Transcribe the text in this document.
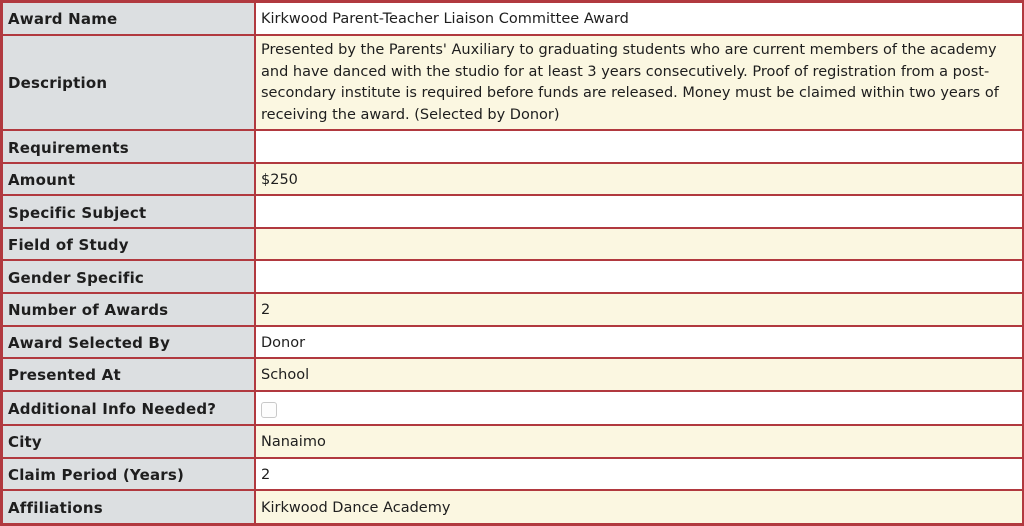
Award Name	Kirkwood Parent-Teacher Liaison Committee Award
Description	Presented by the Parents' Auxiliary to graduating students who are current members of the academy and have danced with the studio for at least 3 years consecutively. Proof of registration from a post-secondary institute is required before funds are released. Money must be claimed within two years of receiving the award. (Selected by Donor)
Requirements	
Amount	$250
Specific Subject	
Field of Study	
Gender Specific	
Number of Awards	2
Award Selected By	Donor
Presented At	School
Additional Info Needed?	
City	Nanaimo
Claim Period (Years)	2
Affiliations	Kirkwood Dance Academy
